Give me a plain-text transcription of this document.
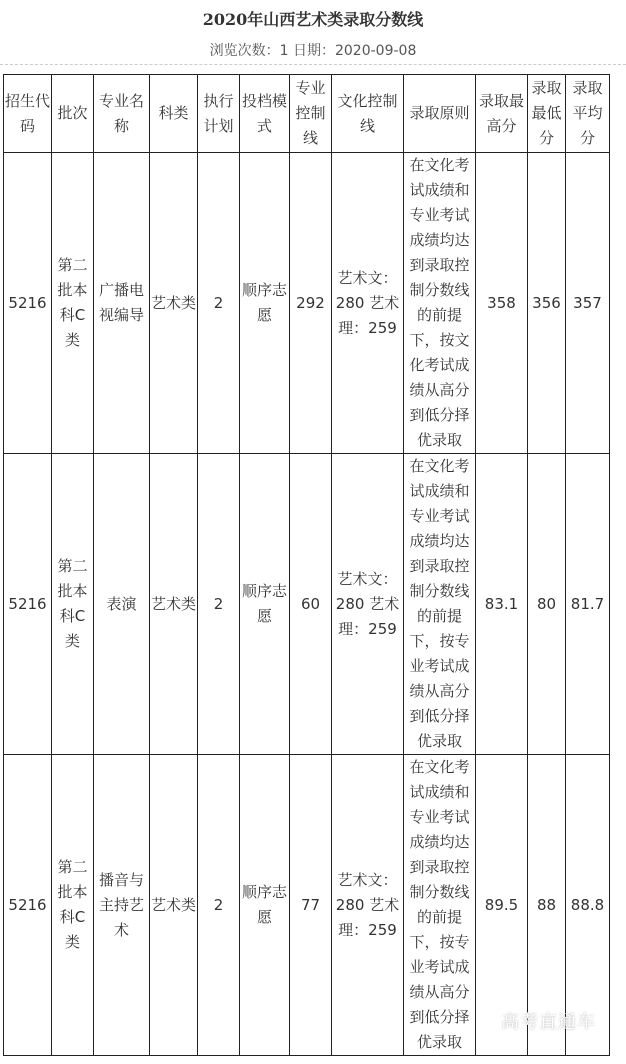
2020年山西艺术类录取分数线
浏览次数：1 日期：2020-09-08
招生代码	批次	专业名称	科类	执行计划	投档模式	专业控制线	文化控制线	录取原则	录取最高分	录取最低分	录取平均分
5216	第二批本科C类	广播电视编导	艺术类	2	顺序志愿	292	艺术文：280 艺术理：259	在文化考试成绩和专业考试成绩均达到录取控制分数线的前提下，按文化考试成绩从高分到低分择优录取	358	356	357
5216	第二批本科C类	表演	艺术类	2	顺序志愿	60	艺术文：280 艺术理：259	在文化考试成绩和专业考试成绩均达到录取控制分数线的前提下，按专业考试成绩从高分到低分择优录取	83.1	80	81.7
5216	第二批本科C类	播音与主持艺术	艺术类	2	顺序志愿	77	艺术文：280 艺术理：259	在文化考试成绩和专业考试成绩均达到录取控制分数线的前提下，按专业考试成绩从高分到低分择优录取	89.5	88	88.8
高考直通车
